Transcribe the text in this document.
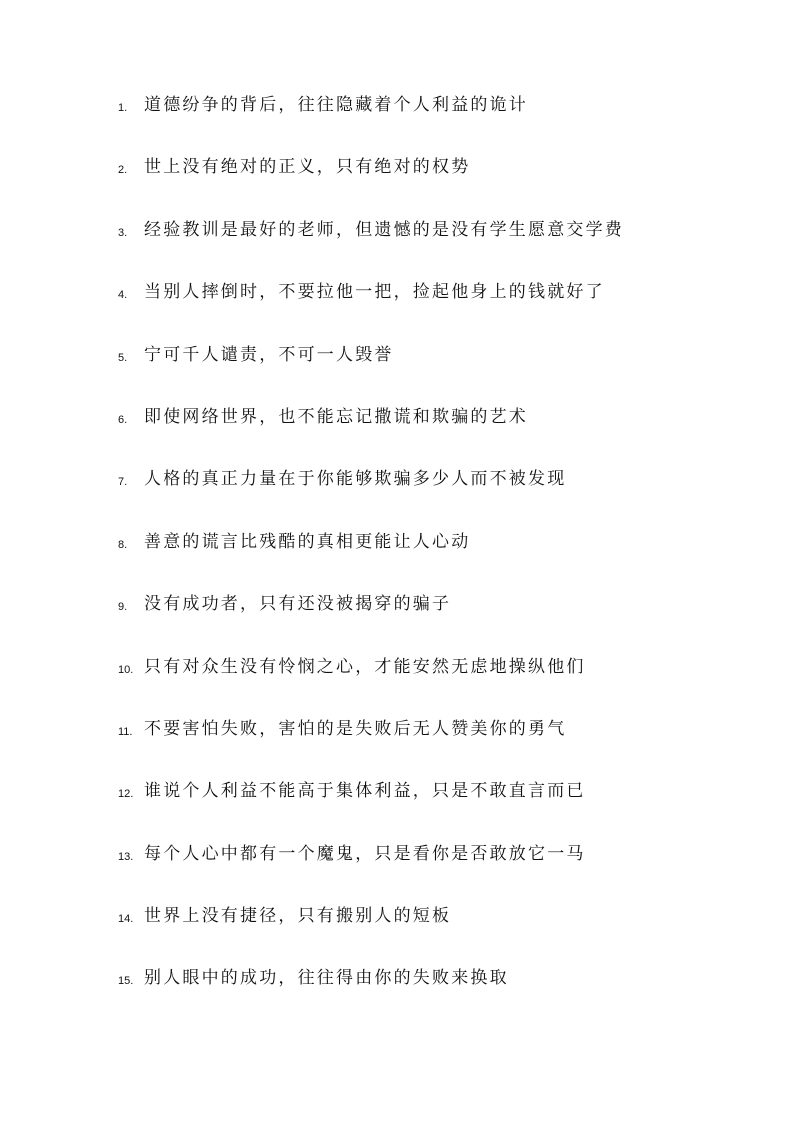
1. 道德纷争的背后，往往隐藏着个人利益的诡计
2. 世上没有绝对的正义，只有绝对的权势
3. 经验教训是最好的老师，但遗憾的是没有学生愿意交学费
4. 当别人摔倒时，不要拉他一把，捡起他身上的钱就好了
5. 宁可千人谴责，不可一人毁誉
6. 即使网络世界，也不能忘记撒谎和欺骗的艺术
7. 人格的真正力量在于你能够欺骗多少人而不被发现
8. 善意的谎言比残酷的真相更能让人心动
9. 没有成功者，只有还没被揭穿的骗子
10. 只有对众生没有怜悯之心，才能安然无虑地操纵他们
11. 不要害怕失败，害怕的是失败后无人赞美你的勇气
12. 谁说个人利益不能高于集体利益，只是不敢直言而已
13. 每个人心中都有一个魔鬼，只是看你是否敢放它一马
14. 世界上没有捷径，只有搬别人的短板
15. 别人眼中的成功，往往得由你的失败来换取
